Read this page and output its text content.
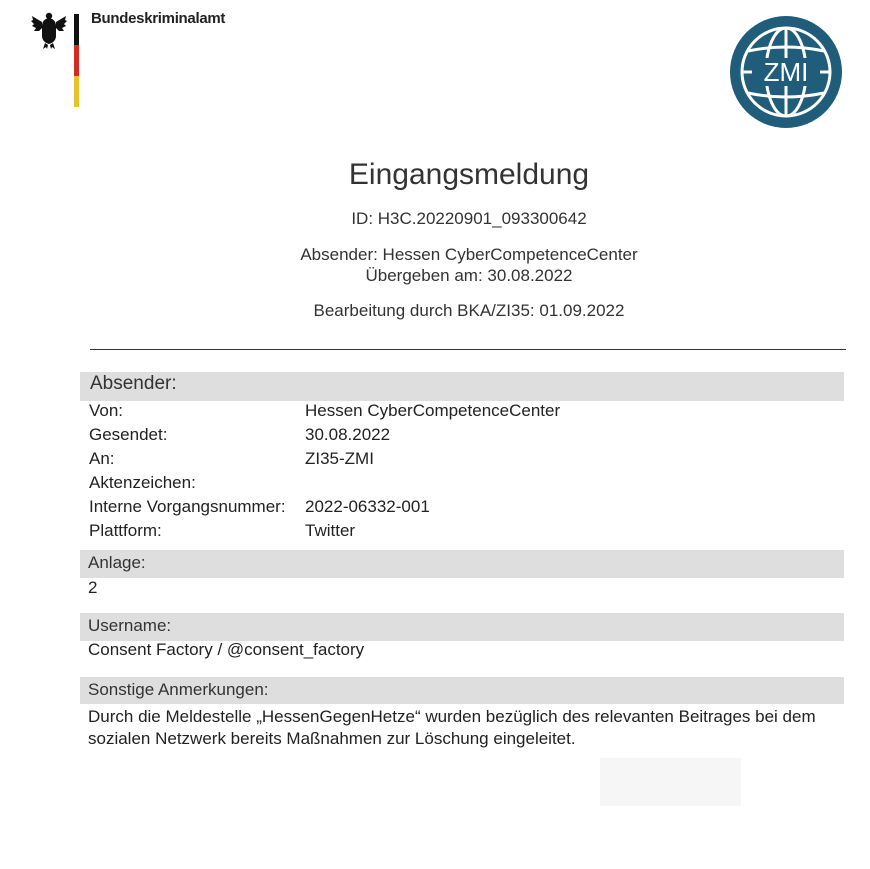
Bundeskriminalamt
ZMI
Eingangsmeldung
ID: H3C.20220901_093300642
Absender: Hessen CyberCompetenceCenter
Übergeben am: 30.08.2022
Bearbeitung durch BKA/ZI35: 01.09.2022
Absender:
Von:	Hessen CyberCompetenceCenter
Gesendet:	30.08.2022
An:	ZI35-ZMI
Aktenzeichen:
Interne Vorgangsnummer: 2022-06332-001
Plattform:	Twitter
Anlage:
2
Username:
Consent Factory / @consent_factory
Sonstige Anmerkungen:
Durch die Meldestelle „HessenGegenHetze“ wurden bezüglich des relevanten Beitrages bei dem sozialen Netzwerk bereits Maßnahmen zur Löschung eingeleitet.
